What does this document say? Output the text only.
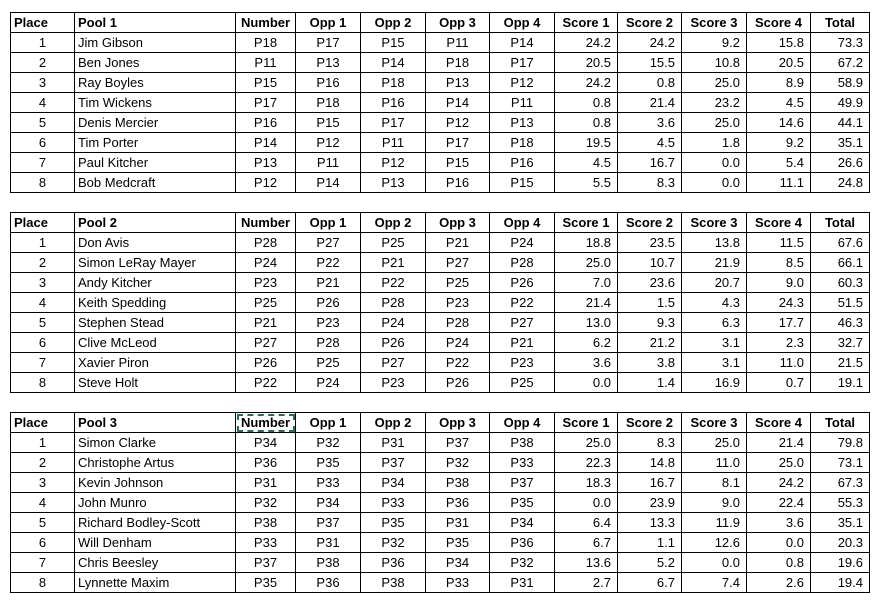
Place	Pool 1	Number	Opp 1	Opp 2	Opp 3	Opp 4	Score 1	Score 2	Score 3	Score 4	Total
1	Jim Gibson	P18	P17	P15	P11	P14	24.2	24.2	9.2	15.8	73.3
2	Ben Jones	P11	P13	P14	P18	P17	20.5	15.5	10.8	20.5	67.2
3	Ray Boyles	P15	P16	P18	P13	P12	24.2	0.8	25.0	8.9	58.9
4	Tim Wickens	P17	P18	P16	P14	P11	0.8	21.4	23.2	4.5	49.9
5	Denis Mercier	P16	P15	P17	P12	P13	0.8	3.6	25.0	14.6	44.1
6	Tim Porter	P14	P12	P11	P17	P18	19.5	4.5	1.8	9.2	35.1
7	Paul Kitcher	P13	P11	P12	P15	P16	4.5	16.7	0.0	5.4	26.6
8	Bob Medcraft	P12	P14	P13	P16	P15	5.5	8.3	0.0	11.1	24.8
Place	Pool 2	Number	Opp 1	Opp 2	Opp 3	Opp 4	Score 1	Score 2	Score 3	Score 4	Total
1	Don Avis	P28	P27	P25	P21	P24	18.8	23.5	13.8	11.5	67.6
2	Simon LeRay Mayer	P24	P22	P21	P27	P28	25.0	10.7	21.9	8.5	66.1
3	Andy Kitcher	P23	P21	P22	P25	P26	7.0	23.6	20.7	9.0	60.3
4	Keith Spedding	P25	P26	P28	P23	P22	21.4	1.5	4.3	24.3	51.5
5	Stephen Stead	P21	P23	P24	P28	P27	13.0	9.3	6.3	17.7	46.3
6	Clive McLeod	P27	P28	P26	P24	P21	6.2	21.2	3.1	2.3	32.7
7	Xavier Piron	P26	P25	P27	P22	P23	3.6	3.8	3.1	11.0	21.5
8	Steve Holt	P22	P24	P23	P26	P25	0.0	1.4	16.9	0.7	19.1
Place	Pool 3	Number	Opp 1	Opp 2	Opp 3	Opp 4	Score 1	Score 2	Score 3	Score 4	Total
1	Simon Clarke	P34	P32	P31	P37	P38	25.0	8.3	25.0	21.4	79.8
2	Christophe Artus	P36	P35	P37	P32	P33	22.3	14.8	11.0	25.0	73.1
3	Kevin Johnson	P31	P33	P34	P38	P37	18.3	16.7	8.1	24.2	67.3
4	John Munro	P32	P34	P33	P36	P35	0.0	23.9	9.0	22.4	55.3
5	Richard Bodley-Scott	P38	P37	P35	P31	P34	6.4	13.3	11.9	3.6	35.1
6	Will Denham	P33	P31	P32	P35	P36	6.7	1.1	12.6	0.0	20.3
7	Chris Beesley	P37	P38	P36	P34	P32	13.6	5.2	0.0	0.8	19.6
8	Lynnette Maxim	P35	P36	P38	P33	P31	2.7	6.7	7.4	2.6	19.4
